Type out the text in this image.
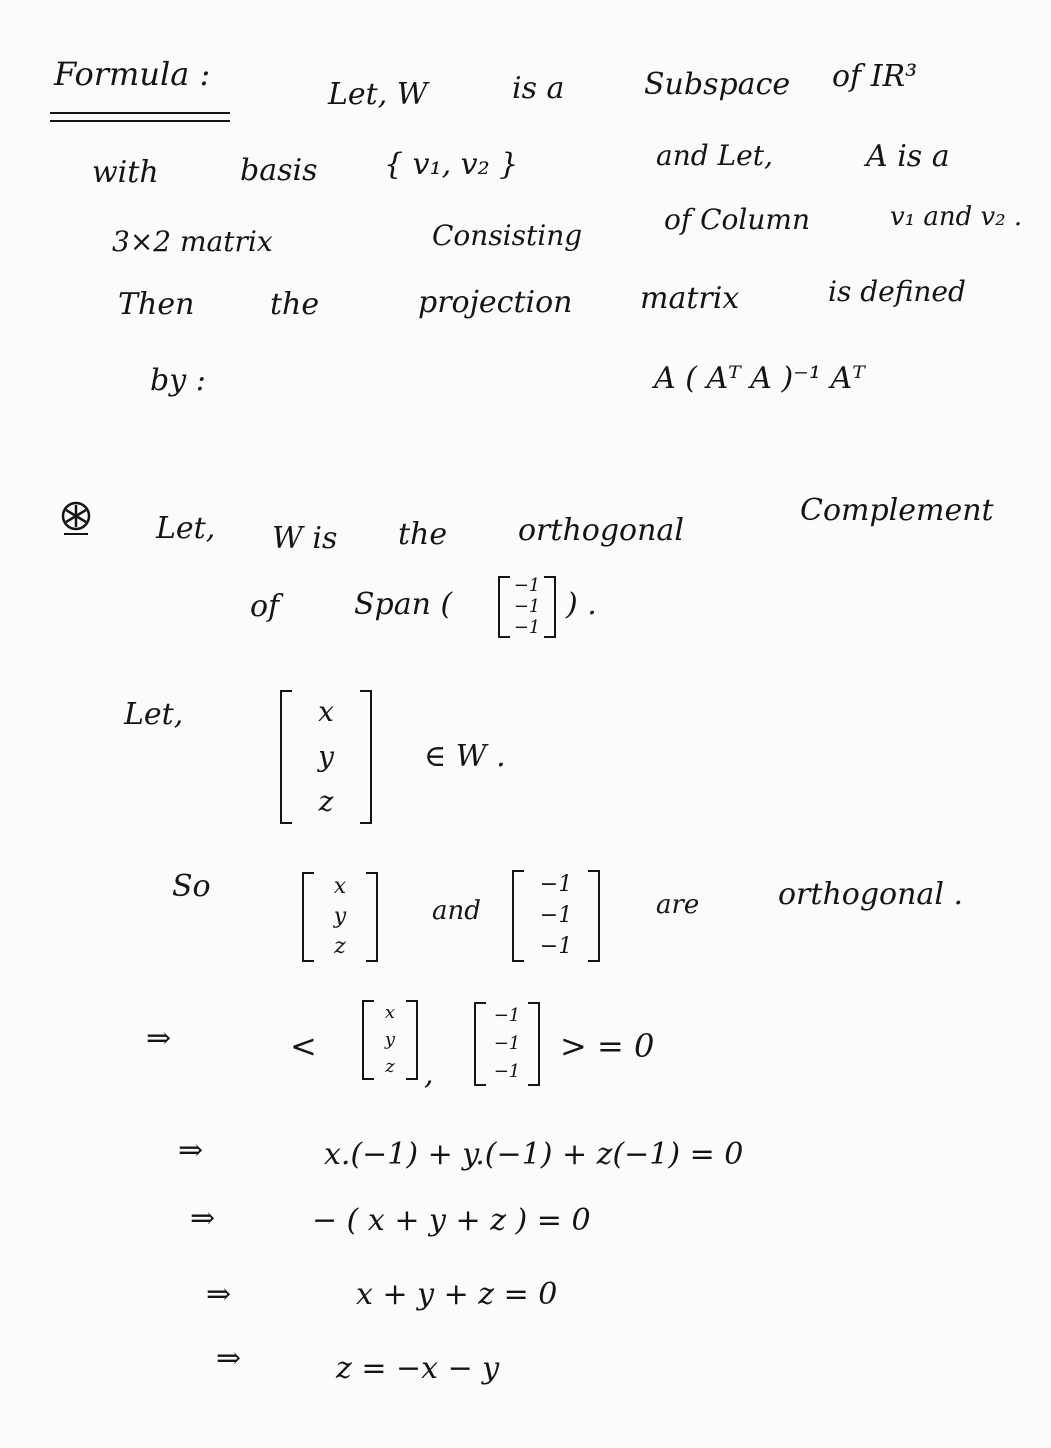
Formula :
Let, W	is a	Subspace of IR³
with	basis { v₁, v₂ }	and Let,	A is a
3×2 matrix	Consisting	of Column	v₁ and v₂ .
Then	the	projection matrix	is defined
by :	A ( Aᵀ A )⁻¹ Aᵀ
Let, W is the orthogonal
Complement
of Span (
−1
−1
−1
) .
Let,	x
y
z
∈ W .
So	x
y
z
and
−1
−1
−1
are	orthogonal .
⇒	<
x
y
z ,
−1
−1
−1
> = 0
⇒	x.(−1) + y.(−1) + z(−1) = 0
⇒	− ( x + y + z ) = 0
⇒	x + y + z = 0
⇒	z = −x − y
